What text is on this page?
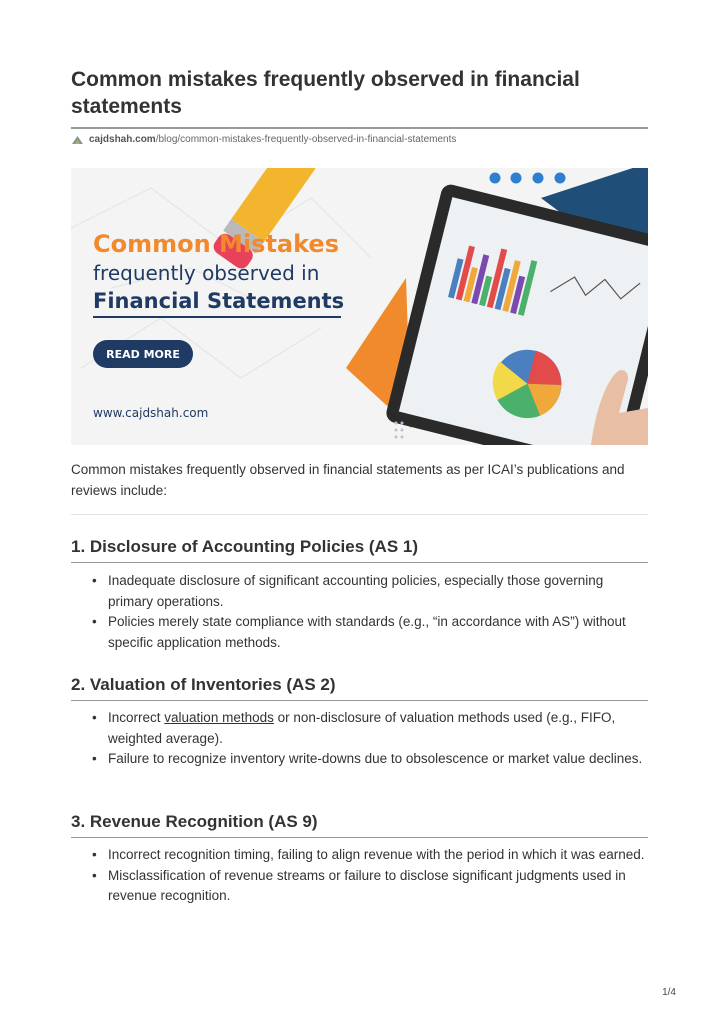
Common mistakes frequently observed in financial statements
cajdshah.com /blog/common-mistakes-frequently-observed-in-financial-statements
Common Mistakes
frequently observed in
Financial Statements
READ MORE
www.cajdshah.com
Common mistakes frequently observed in financial statements as per ICAI’s publications and reviews include:
1. Disclosure of Accounting Policies (AS 1)
• Inadequate disclosure of significant accounting policies, especially those governing primary operations.
• Policies merely state compliance with standards (e.g., “in accordance with AS”) without specific application methods.
2. Valuation of Inventories (AS 2)
• Incorrect valuation methods or non-disclosure of valuation methods used (e.g., FIFO, weighted average).
• Failure to recognize inventory write-downs due to obsolescence or market value declines.
3. Revenue Recognition (AS 9)
• Incorrect recognition timing, failing to align revenue with the period in which it was earned.
• Misclassification of revenue streams or failure to disclose significant judgments used in revenue recognition.
1/4
